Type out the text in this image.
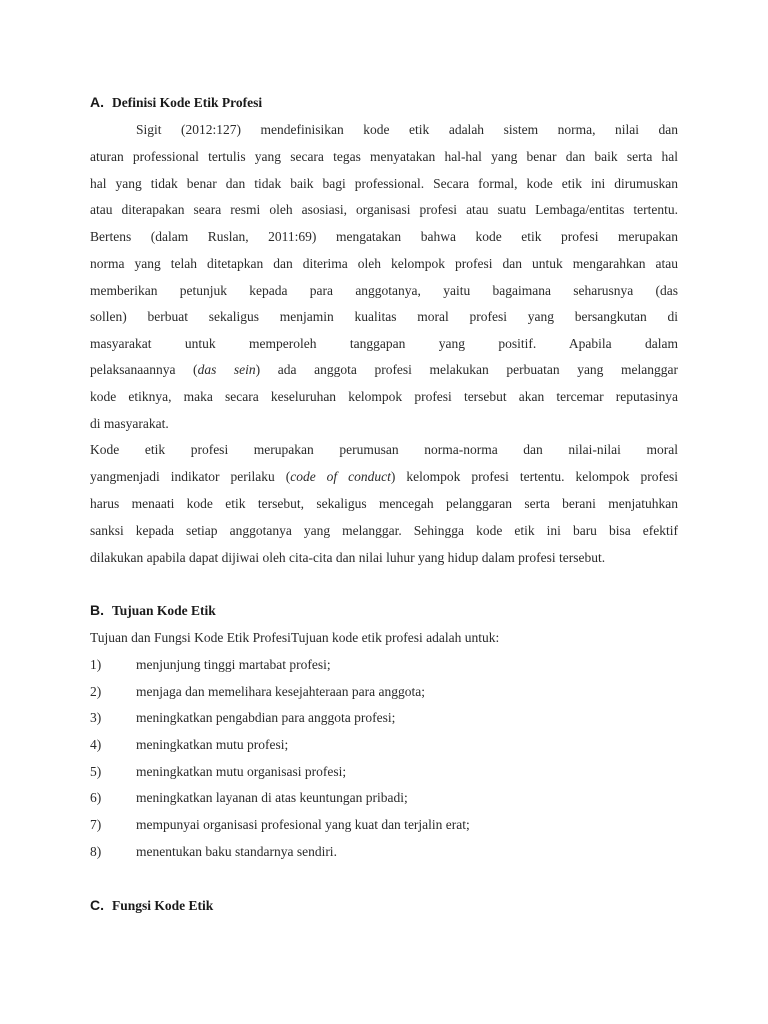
A. Definisi Kode Etik Profesi
Sigit (2012:127) mendefinisikan kode etik adalah sistem norma, nilai dan
aturan professional tertulis yang secara tegas menyatakan hal-hal yang benar dan baik serta hal
hal yang tidak benar dan tidak baik bagi professional. Secara formal, kode etik ini dirumuskan
atau diterapakan seara resmi oleh asosiasi, organisasi profesi atau suatu Lembaga/entitas tertentu.
Bertens (dalam Ruslan, 2011:69) mengatakan bahwa kode etik profesi merupakan
norma yang telah ditetapkan dan diterima oleh kelompok profesi dan untuk mengarahkan atau
memberikan petunjuk kepada para anggotanya, yaitu bagaimana seharusnya (das
sollen) berbuat sekaligus menjamin kualitas moral profesi yang bersangkutan di
masyarakat untuk memperoleh tanggapan yang positif. Apabila dalam
pelaksanaannya (das sein) ada anggota profesi melakukan perbuatan yang melanggar
kode etiknya, maka secara keseluruhan kelompok profesi tersebut akan tercemar reputasinya
di masyarakat.
Kode etik profesi merupakan perumusan norma-norma dan nilai-nilai moral
yangmenjadi indikator perilaku (code of conduct) kelompok profesi tertentu. kelompok profesi
harus menaati kode etik tersebut, sekaligus mencegah pelanggaran serta berani menjatuhkan
sanksi kepada setiap anggotanya yang melanggar. Sehingga kode etik ini baru bisa efektif
dilakukan apabila dapat dijiwai oleh cita-cita dan nilai luhur yang hidup dalam profesi tersebut.
B. Tujuan Kode Etik
Tujuan dan Fungsi Kode Etik ProfesiTujuan kode etik profesi adalah untuk:
1)	menjunjung tinggi martabat profesi;
2)	menjaga dan memelihara kesejahteraan para anggota;
3)	meningkatkan pengabdian para anggota profesi;
4)	meningkatkan mutu profesi;
5)	meningkatkan mutu organisasi profesi;
6)	meningkatkan layanan di atas keuntungan pribadi;
7)	mempunyai organisasi profesional yang kuat dan terjalin erat;
8)	menentukan baku standarnya sendiri.
C. Fungsi Kode Etik
